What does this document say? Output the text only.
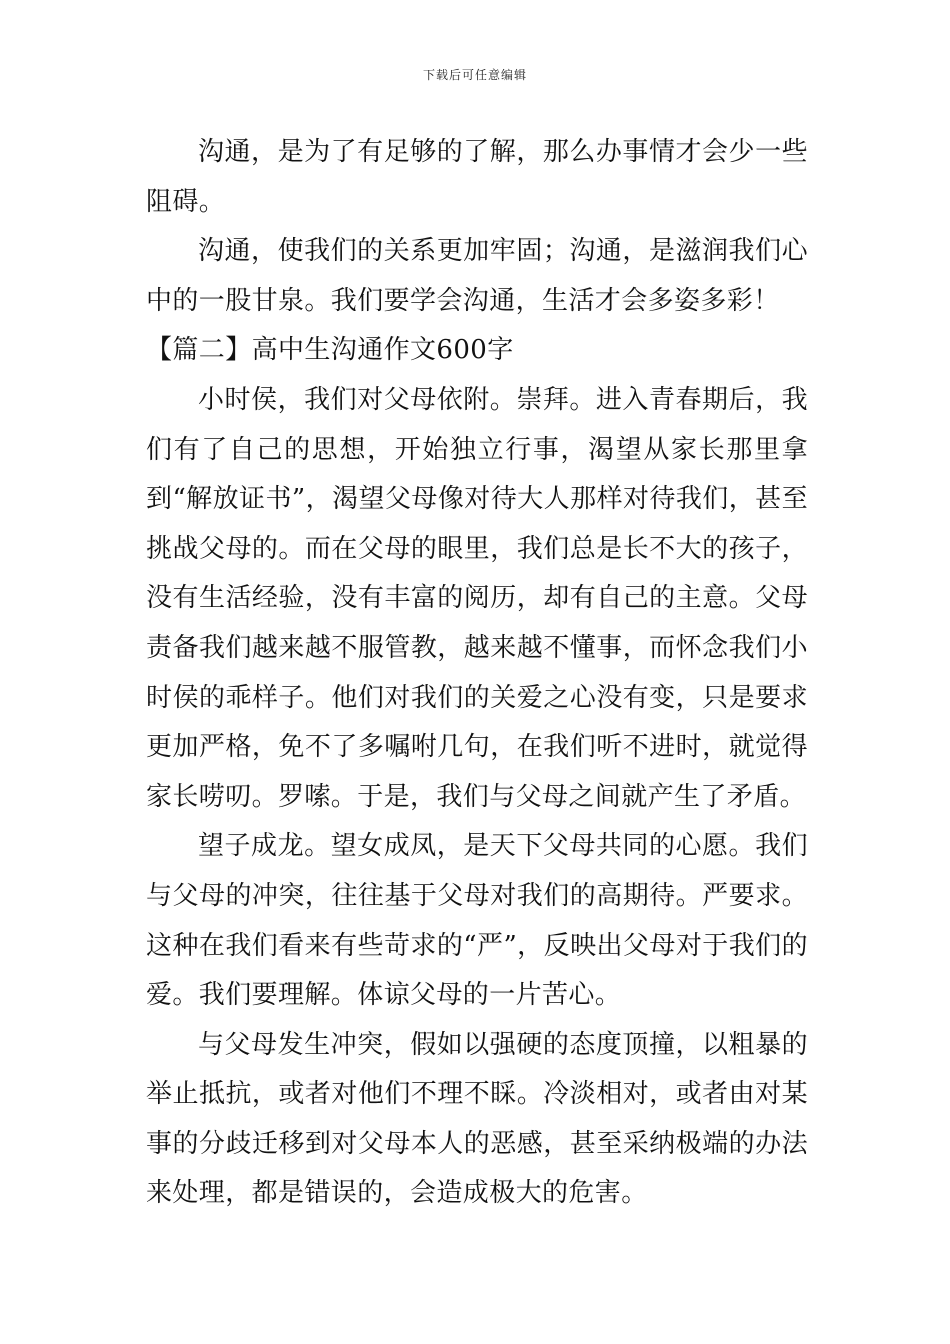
下载后可任意编辑

沟通，是为了有足够的了解，那么办事情才会少一些阻碍。

沟通，使我们的关系更加牢固；沟通，是滋润我们心中的一股甘泉。我们要学会沟通，生活才会多姿多彩！

【篇二】高中生沟通作文600字

小时侯，我们对父母依附。崇拜。进入青春期后，我们有了自己的思想，开始独立行事，渴望从家长那里拿到“解放证书”，渴望父母像对待大人那样对待我们，甚至挑战父母的。而在父母的眼里，我们总是长不大的孩子，没有生活经验，没有丰富的阅历，却有自己的主意。父母责备我们越来越不服管教，越来越不懂事，而怀念我们小时侯的乖样子。他们对我们的关爱之心没有变，只是要求更加严格，免不了多嘱咐几句，在我们听不进时，就觉得家长唠叨。罗嗦。于是，我们与父母之间就产生了矛盾。

望子成龙。望女成凤，是天下父母共同的心愿。我们与父母的冲突，往往基于父母对我们的高期待。严要求。这种在我们看来有些苛求的“严”，反映出父母对于我们的爱。我们要理解。体谅父母的一片苦心。

与父母发生冲突，假如以强硬的态度顶撞，以粗暴的举止抵抗，或者对他们不理不睬。冷淡相对，或者由对某事的分歧迁移到对父母本人的恶感，甚至采纳极端的办法来处理，都是错误的，会造成极大的危害。
